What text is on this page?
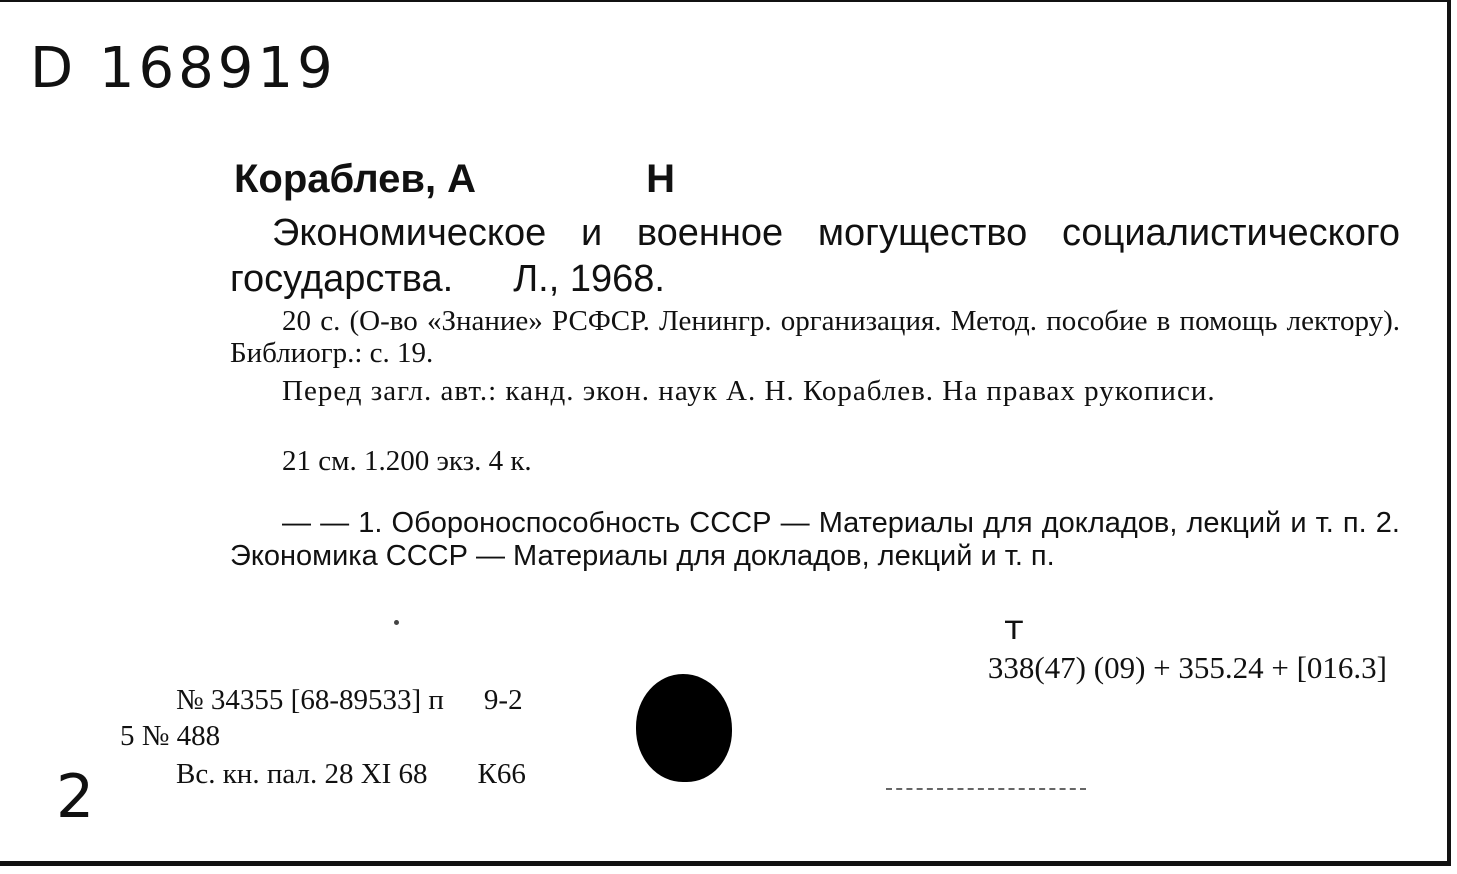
D 168919
Кораблев, А	Н
Экономическое и военное могущество социалистического государства. Л., 1968.
20 с. (О-во «Знание» РСФСР. Ленингр. организация. Метод. пособие в помощь лектору). Библиогр.: с. 19.
Перед загл. авт.: канд. экон. наук А. Н. Кораблев. На правах рукописи.
21 см. 1.200 экз. 4 к.
— — 1. Обороноспособность СССР — Материалы для докладов, лекций и т. п. 2. Экономика СССР — Материалы для докладов, лекций и т. п.
т
338(47) (09) + 355.24 + [016.3]
№ 34355 [68-89533] п 9-2
5 № 488
Вс. кн. пал. 28 XI 68 К66
2
